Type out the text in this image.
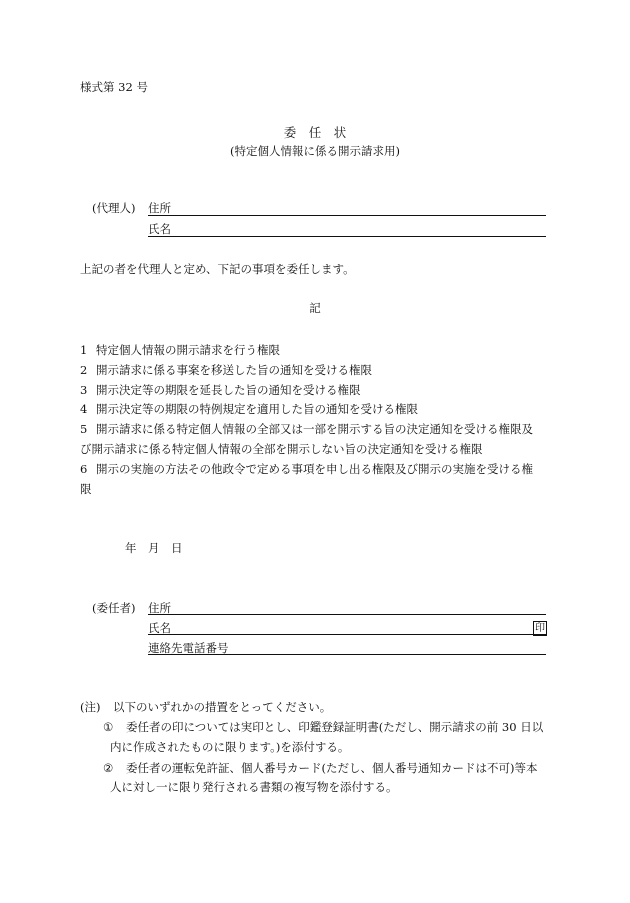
様式第 32 号
委　任　状
(特定個人情報に係る開示請求用)
(代理人) 住所
氏名
上記の者を代理人と定め、下記の事項を委任します。
記
1 特定個人情報の開示請求を行う権限
2 開示請求に係る事案を移送した旨の通知を受ける権限
3 開示決定等の期限を延長した旨の通知を受ける権限
4 開示決定等の期限の特例規定を適用した旨の通知を受ける権限
5 開示請求に係る特定個人情報の全部又は一部を開示する旨の決定通知を受ける権限及
び開示請求に係る特定個人情報の全部を開示しない旨の決定通知を受ける権限
6 開示の実施の方法その他政令で定める事項を申し出る権限及び開示の実施を受ける権
限
年　月　日
(委任者) 住所
氏名	印
連絡先電話番号
(注) 以下のいずれかの措置をとってください。
① 委任者の印については実印とし、印鑑登録証明書(ただし、開示請求の前 30 日以
内に作成されたものに限ります。)を添付する。
② 委任者の運転免許証、個人番号カード(ただし、個人番号通知カードは不可)等本
人に対し一に限り発行される書類の複写物を添付する。
